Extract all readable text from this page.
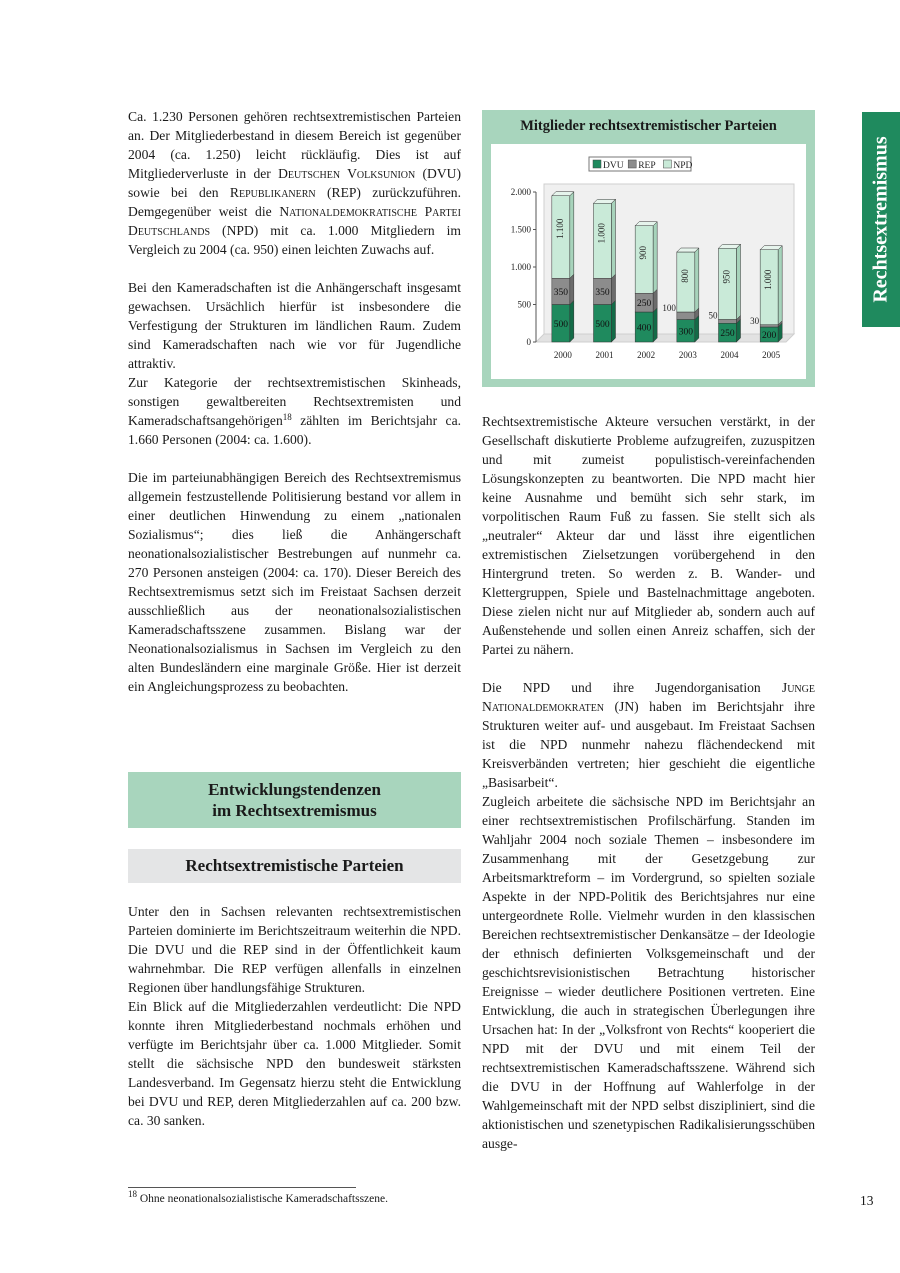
Rechtsextremismus

Ca. 1.230 Personen gehören rechtsextremistischen Parteien an. Der Mitgliederbestand in diesem Bereich ist gegenüber 2004 (ca. 1.250) leicht rückläufig. Dies ist auf Mitgliederverluste in der Deutschen Volksunion (DVU) sowie bei den Republikanern (REP) zurückzuführen. Demgegenüber weist die Nationaldemokratische Partei Deutschlands (NPD) mit ca. 1.000 Mitgliedern im Vergleich zu 2004 (ca. 950) einen leichten Zuwachs auf.

Bei den Kameradschaften ist die Anhängerschaft insgesamt gewachsen. Ursächlich hierfür ist insbesondere die Verfestigung der Strukturen im ländlichen Raum. Zudem sind Kameradschaften nach wie vor für Jugendliche attraktiv.

Zur Kategorie der rechtsextremistischen Skinheads, sonstigen gewaltbereiten Rechtsextremisten und Kameradschaftsangehörigen$^{18}$ zählten im Berichtsjahr ca. 1.660 Personen (2004: ca. 1.600).

Die im parteiunabhängigen Bereich des Rechtsextremismus allgemein festzustellende Politisierung bestand vor allem in einer deutlichen Hinwendung zu einem „nationalen Sozialismus“; dies ließ die Anhängerschaft neonationalsozialistischer Bestrebungen auf nunmehr ca. 270 Personen ansteigen (2004: ca. 170). Dieser Bereich des Rechtsextremismus setzt sich im Freistaat Sachsen derzeit ausschließlich aus der neonationalsozialistischen Kameradschaftsszene zusammen. Bislang war der Neonationalsozialismus in Sachsen im Vergleich zu den alten Bundesländern eine marginale Größe. Hier ist derzeit ein Angleichungsprozess zu beobachten.

Entwicklungstendenzen
im Rechtsextremismus
Rechtsextremistische Parteien

Unter den in Sachsen relevanten rechtsextremistischen Parteien dominierte im Berichtszeitraum weiterhin die NPD. Die DVU und die REP sind in der Öffentlichkeit kaum wahrnehmbar. Die REP verfügen allenfalls in einzelnen Regionen über handlungsfähige Strukturen.

Ein Blick auf die Mitgliederzahlen verdeutlicht: Die NPD konnte ihren Mitgliederbestand nochmals erhöhen und verfügte im Berichtsjahr über ca. 1.000 Mitglieder. Somit stellt die sächsische NPD den bundesweit stärksten Landesverband. Im Gegensatz hierzu steht die Entwicklung bei DVU und REP, deren Mitgliederzahlen auf ca. 200 bzw. ca. 30 sanken.

Mitglieder rechtsextremistischer Parteien
0
500
1.000
1.500
2.000
DVU REP NPD
500
350
1.100
2000
500
350
1.000
2001
400
250
900
2002
300
100
800
2003
250
50
950
2004
200
30
1.000
2005

Rechtsextremistische Akteure versuchen verstärkt, in der Gesellschaft diskutierte Probleme aufzugreifen, zuzuspitzen und mit zumeist populistisch-vereinfachenden Lösungskonzepten zu beantworten. Die NPD macht hier keine Ausnahme und bemüht sich sehr stark, im vorpolitischen Raum Fuß zu fassen. Sie stellt sich als „neutraler“ Akteur dar und lässt ihre eigentlichen extremistischen Zielsetzungen vorübergehend in den Hintergrund treten. So werden z. B. Wander- und Klettergruppen, Spiele und Bastelnachmittage angeboten. Diese zielen nicht nur auf Mitglieder ab, sondern auch auf Außenstehende und sollen einen Anreiz schaffen, sich der Partei zu nähern.

Die NPD und ihre Jugendorganisation Junge Nationaldemokraten (JN) haben im Berichtsjahr ihre Strukturen weiter auf- und ausgebaut. Im Freistaat Sachsen ist die NPD nunmehr nahezu flächendeckend mit Kreisverbänden vertreten; hier geschieht die eigentliche „Basisarbeit“.

Zugleich arbeitete die sächsische NPD im Berichtsjahr an einer rechtsextremistischen Profilschärfung. Standen im Wahljahr 2004 noch soziale Themen – insbesondere im Zusammenhang mit der Gesetzgebung zur Arbeitsmarktreform – im Vordergrund, so spielten soziale Aspekte in der NPD-Politik des Berichtsjahres nur eine untergeordnete Rolle. Vielmehr wurden in den klassischen Bereichen rechtsextremistischer Denkansätze – der Ideologie der ethnisch definierten Volksgemeinschaft und der geschichtsrevisionistischen Betrachtung historischer Ereignisse – wieder deutlichere Positionen vertreten. Eine Entwicklung, die auch in strategischen Überlegungen ihre Ursachen hat: In der „Volksfront von Rechts“ kooperiert die NPD mit der DVU und mit einem Teil der rechtsextremistischen Kameradschaftsszene. Während sich die DVU in der Hoffnung auf Wahlerfolge in der Wahlgemeinschaft mit der NPD selbst diszipliniert, sind die aktionistischen und szenetypischen Radikalisierungsschüben ausge-

$^{18}$ Ohne neonationalsozialistische Kameradschaftsszene.	13
